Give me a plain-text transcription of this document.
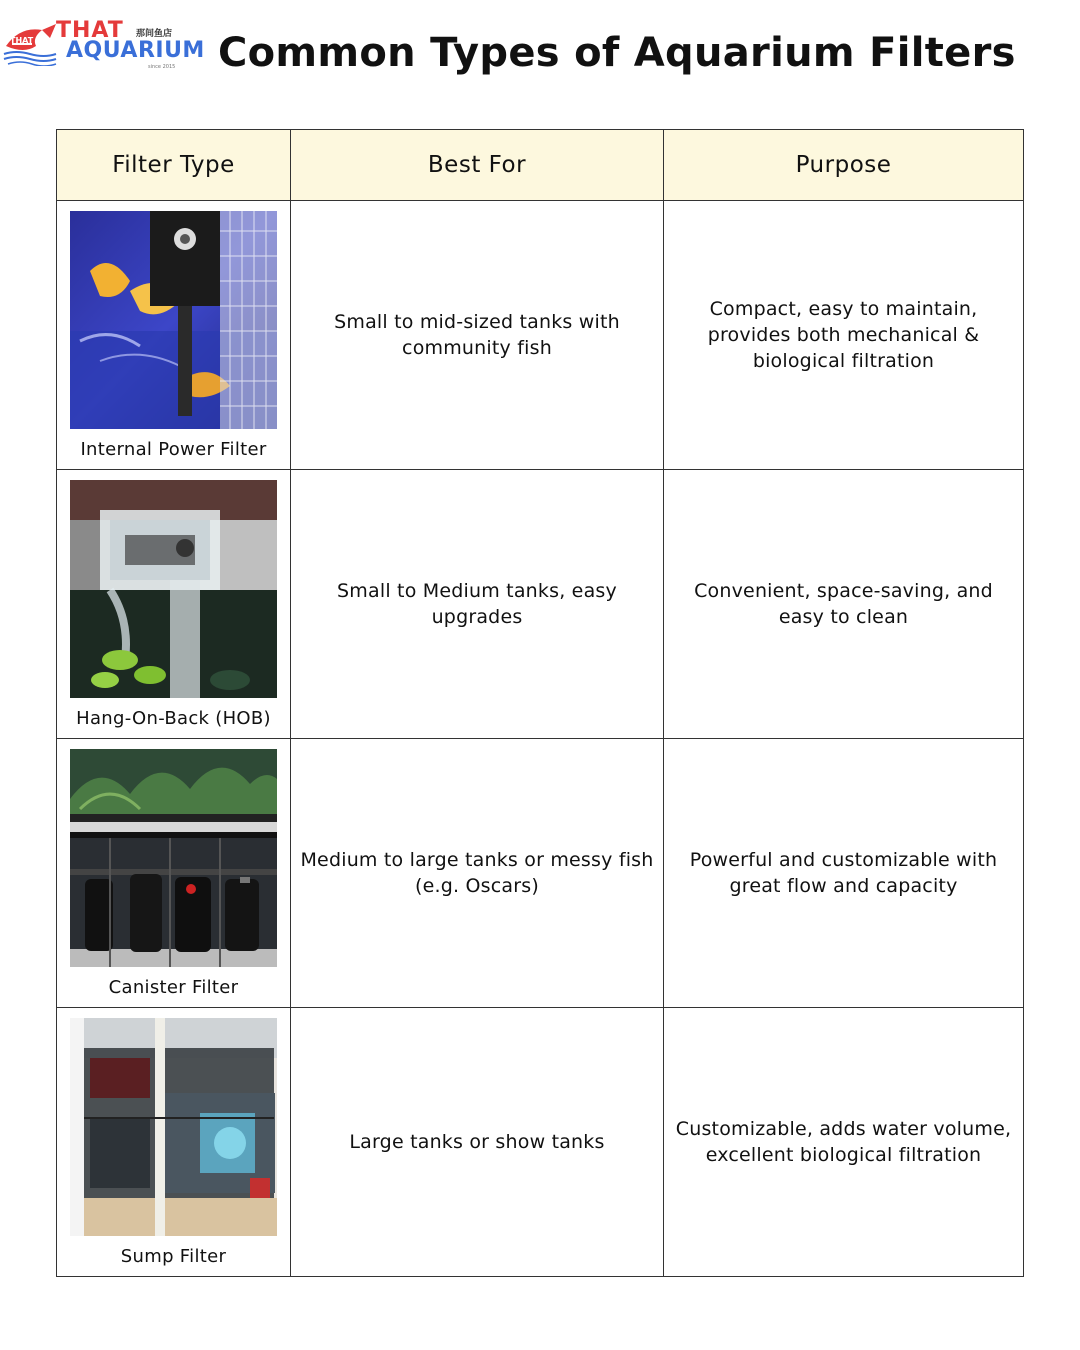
THAT THAT 那间鱼店
AQUARIUM
since 2015 Common Types of Aquarium Filters
Filter Type	Best For	Purpose

Internal Power Filter	Small to mid-sized tanks with community fish	Compact, easy to maintain, provides both mechanical & biological filtration

Hang-On-Back (HOB)	Small to Medium tanks, easy upgrades	Convenient, space-saving, and easy to clean

Canister Filter	Medium to large tanks or messy fish (e.g. Oscars)	Powerful and customizable with great flow and capacity

Sump Filter	Large tanks or show tanks	Customizable, adds water volume, excellent biological filtration
